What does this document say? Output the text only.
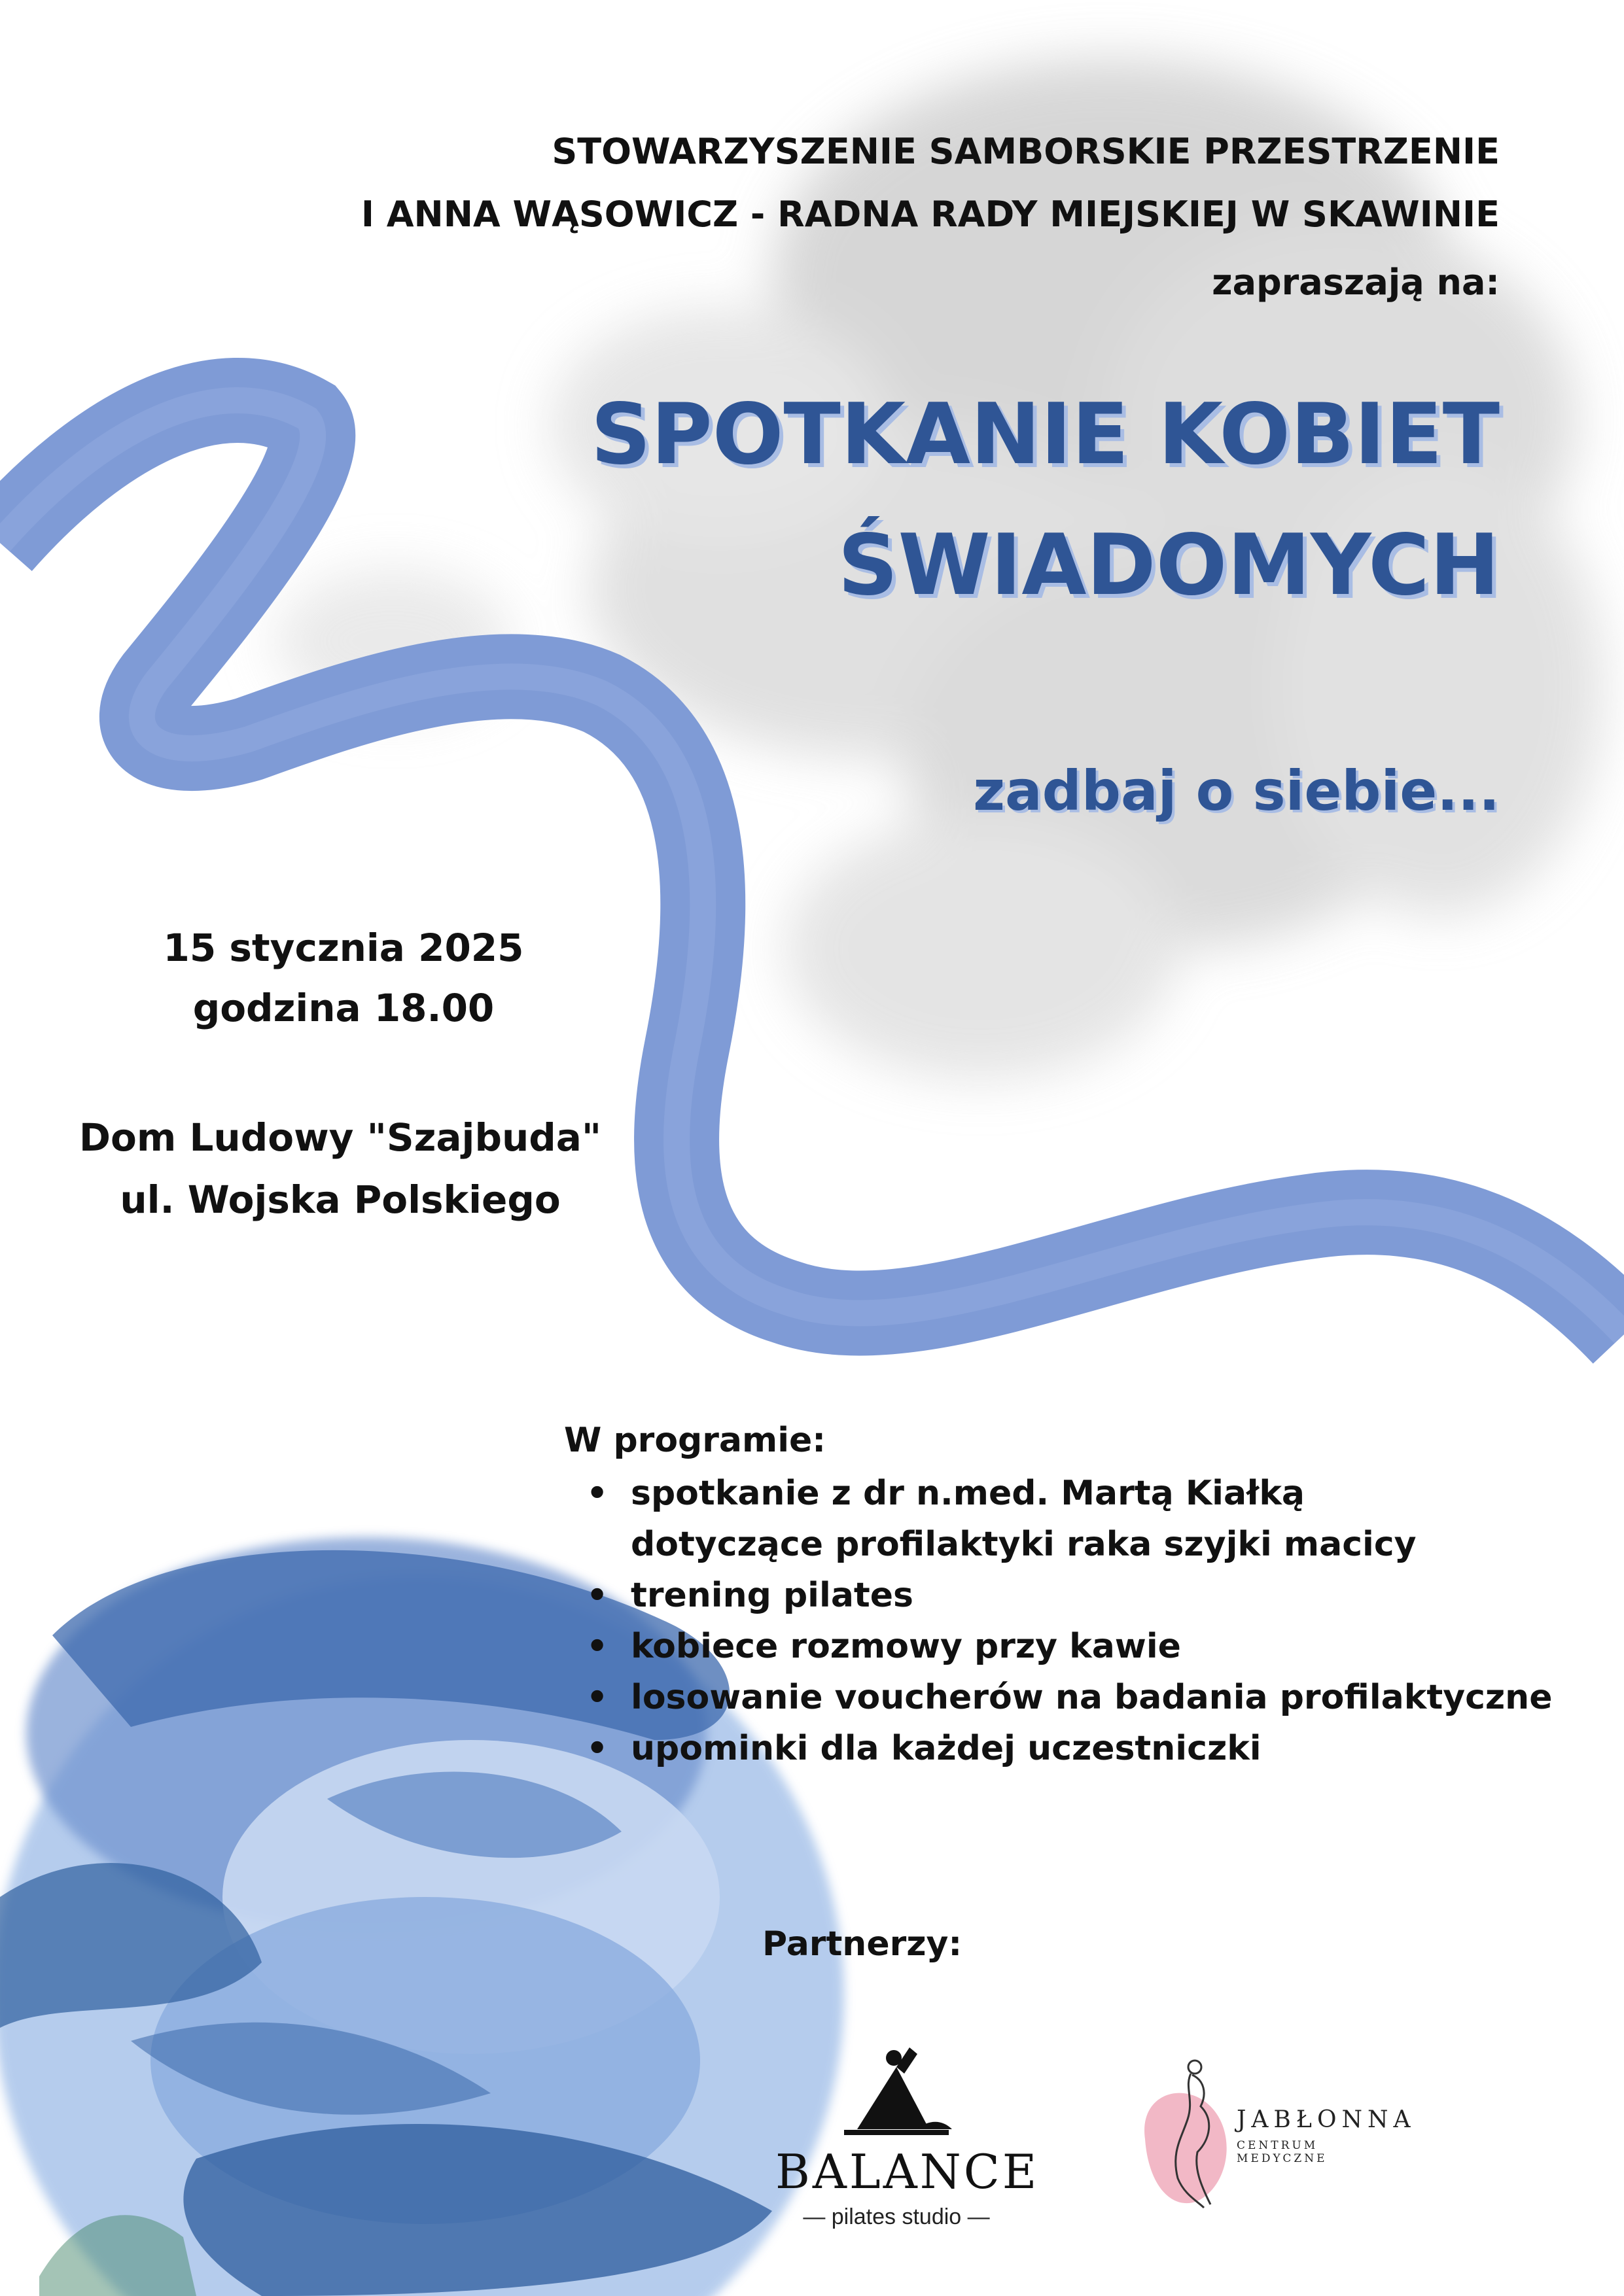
STOWARZYSZENIE SAMBORSKIE PRZESTRZENIE
I ANNA WĄSOWICZ - RADNA RADY MIEJSKIEJ W SKAWINIE
zapraszają na:
SPOTKANIE KOBIET
ŚWIADOMYCH
zadbaj o siebie...
15 stycznia 2025
godzina 18.00
Dom Ludowy "Szajbuda"
ul. Wojska Polskiego
W programie:
• spotkanie z dr n.med. Martą Kiałką dotyczące profilaktyki raka szyjki macicy
• trening pilates
• kobiece rozmowy przy kawie
• losowanie voucherów na badania profilaktyczne
• upominki dla każdej uczestniczki
Partnerzy:
BALANCE
— pilates studio —
JABŁONNA
CENTRUM MEDYCZNE
